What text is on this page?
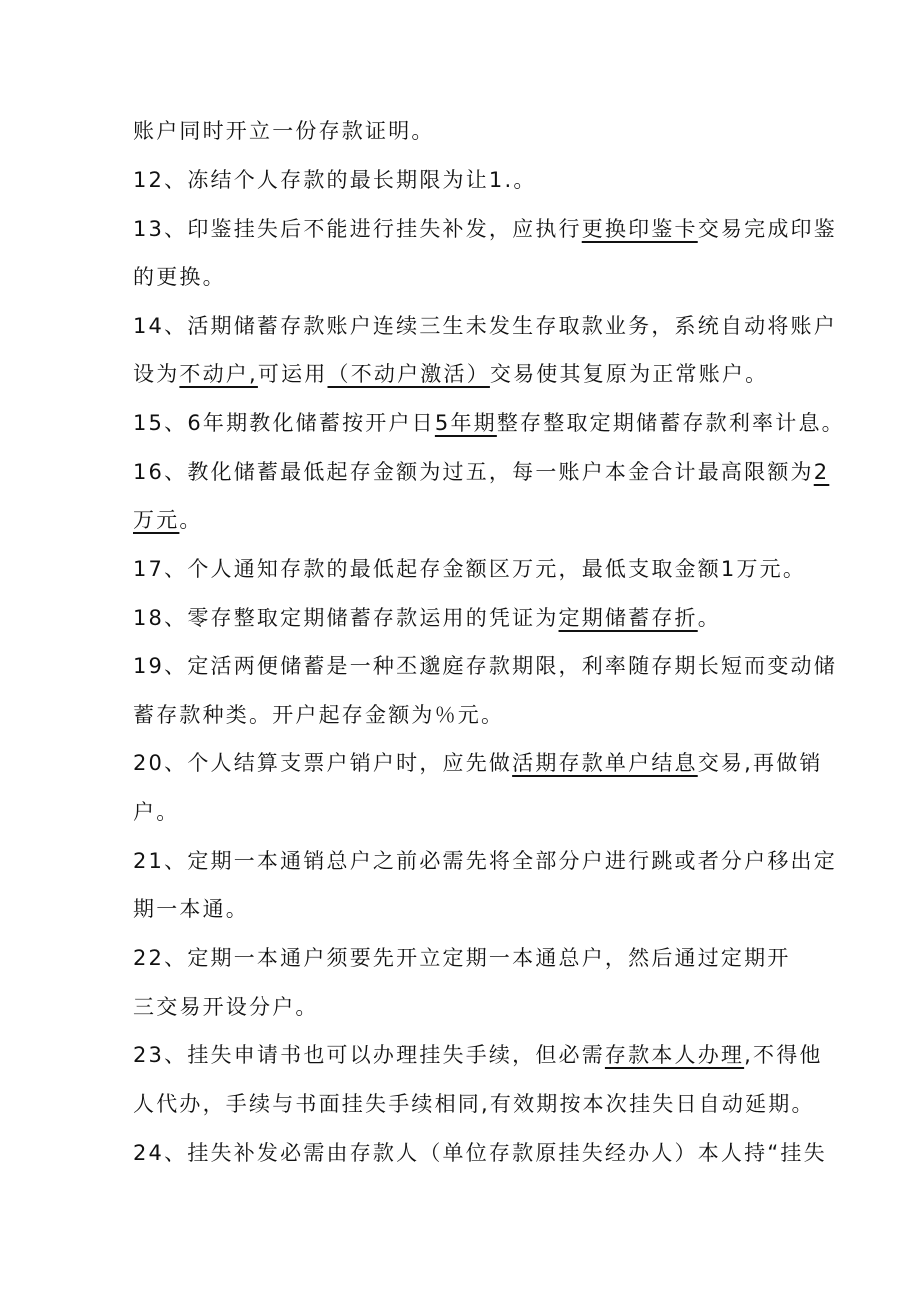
账户同时开立一份存款证明。
12、冻结个人存款的最长期限为让1.。
13、印鉴挂失后不能进行挂失补发，应执行更换印鉴卡交易完成印鉴
的更换。
14、活期储蓄存款账户连续三生未发生存取款业务，系统自动将账户
设为不动户,可运用（不动户激活）交易使其复原为正常账户。
15、6年期教化储蓄按开户日5年期整存整取定期储蓄存款利率计息。
16、教化储蓄最低起存金额为过五，每一账户本金合计最高限额为2
万元。
17、个人通知存款的最低起存金额区万元，最低支取金额1万元。
18、零存整取定期储蓄存款运用的凭证为定期储蓄存折。
19、定活两便储蓄是一种丕邈庭存款期限，利率随存期长短而变动储
蓄存款种类。开户起存金额为％元。
20、个人结算支票户销户时，应先做活期存款单户结息交易,再做销
户。
21、定期一本通销总户之前必需先将全部分户进行跳或者分户移出定
期一本通。
22、定期一本通户须要先开立定期一本通总户，然后通过定期开
三交易开设分户。
23、挂失申请书也可以办理挂失手续，但必需存款本人办理,不得他
人代办，手续与书面挂失手续相同,有效期按本次挂失日自动延期。
24、挂失补发必需由存款人（单位存款原挂失经办人）本人持“挂失
